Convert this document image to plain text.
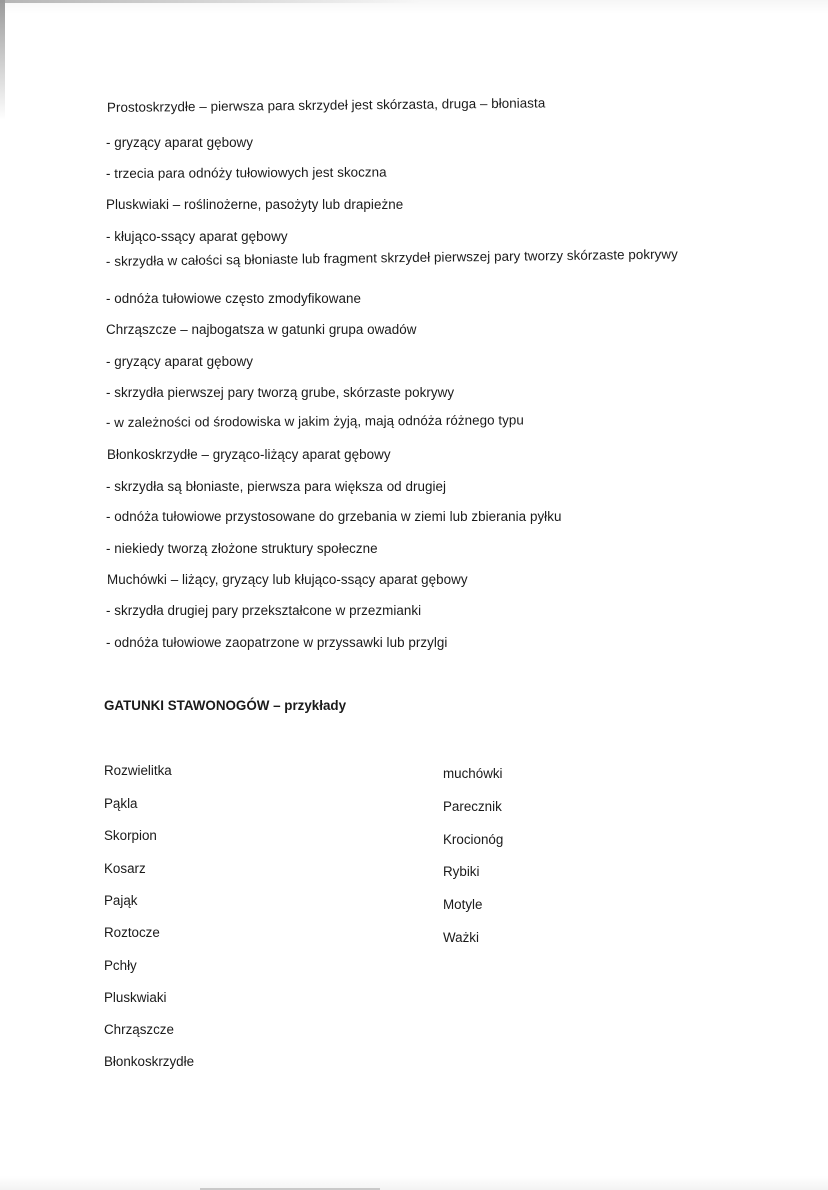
Prostoskrzydłe – pierwsza para skrzydeł jest skórzasta, druga – błoniasta
- gryzący aparat gębowy
- trzecia para odnóży tułowiowych jest skoczna
Pluskwiaki – roślinożerne, pasożyty lub drapieżne
- kłująco-ssący aparat gębowy
- skrzydła w całości są błoniaste lub fragment skrzydeł pierwszej pary tworzy skórzaste pokrywy
- odnóża tułowiowe często zmodyfikowane
Chrząszcze – najbogatsza w gatunki grupa owadów
- gryzący aparat gębowy
- skrzydła pierwszej pary tworzą grube, skórzaste pokrywy
- w zależności od środowiska w jakim żyją, mają odnóża różnego typu
Błonkoskrzydłe – gryząco-liżący aparat gębowy
- skrzydła są błoniaste, pierwsza para większa od drugiej
- odnóża tułowiowe przystosowane do grzebania w ziemi lub zbierania pyłku
- niekiedy tworzą złożone struktury społeczne
Muchówki – liżący, gryzący lub kłująco-ssący aparat gębowy
- skrzydła drugiej pary przekształcone w przezmianki
- odnóża tułowiowe zaopatrzone w przyssawki lub przylgi
GATUNKI STAWONOGÓW – przykłady
Rozwielitka
Pąkla
Skorpion
Kosarz
Pająk
Roztocze
Pchły
Pluskwiaki
Chrząszcze
Błonkoskrzydłe
muchówki
Parecznik
Krocionóg
Rybiki
Motyle
Ważki
